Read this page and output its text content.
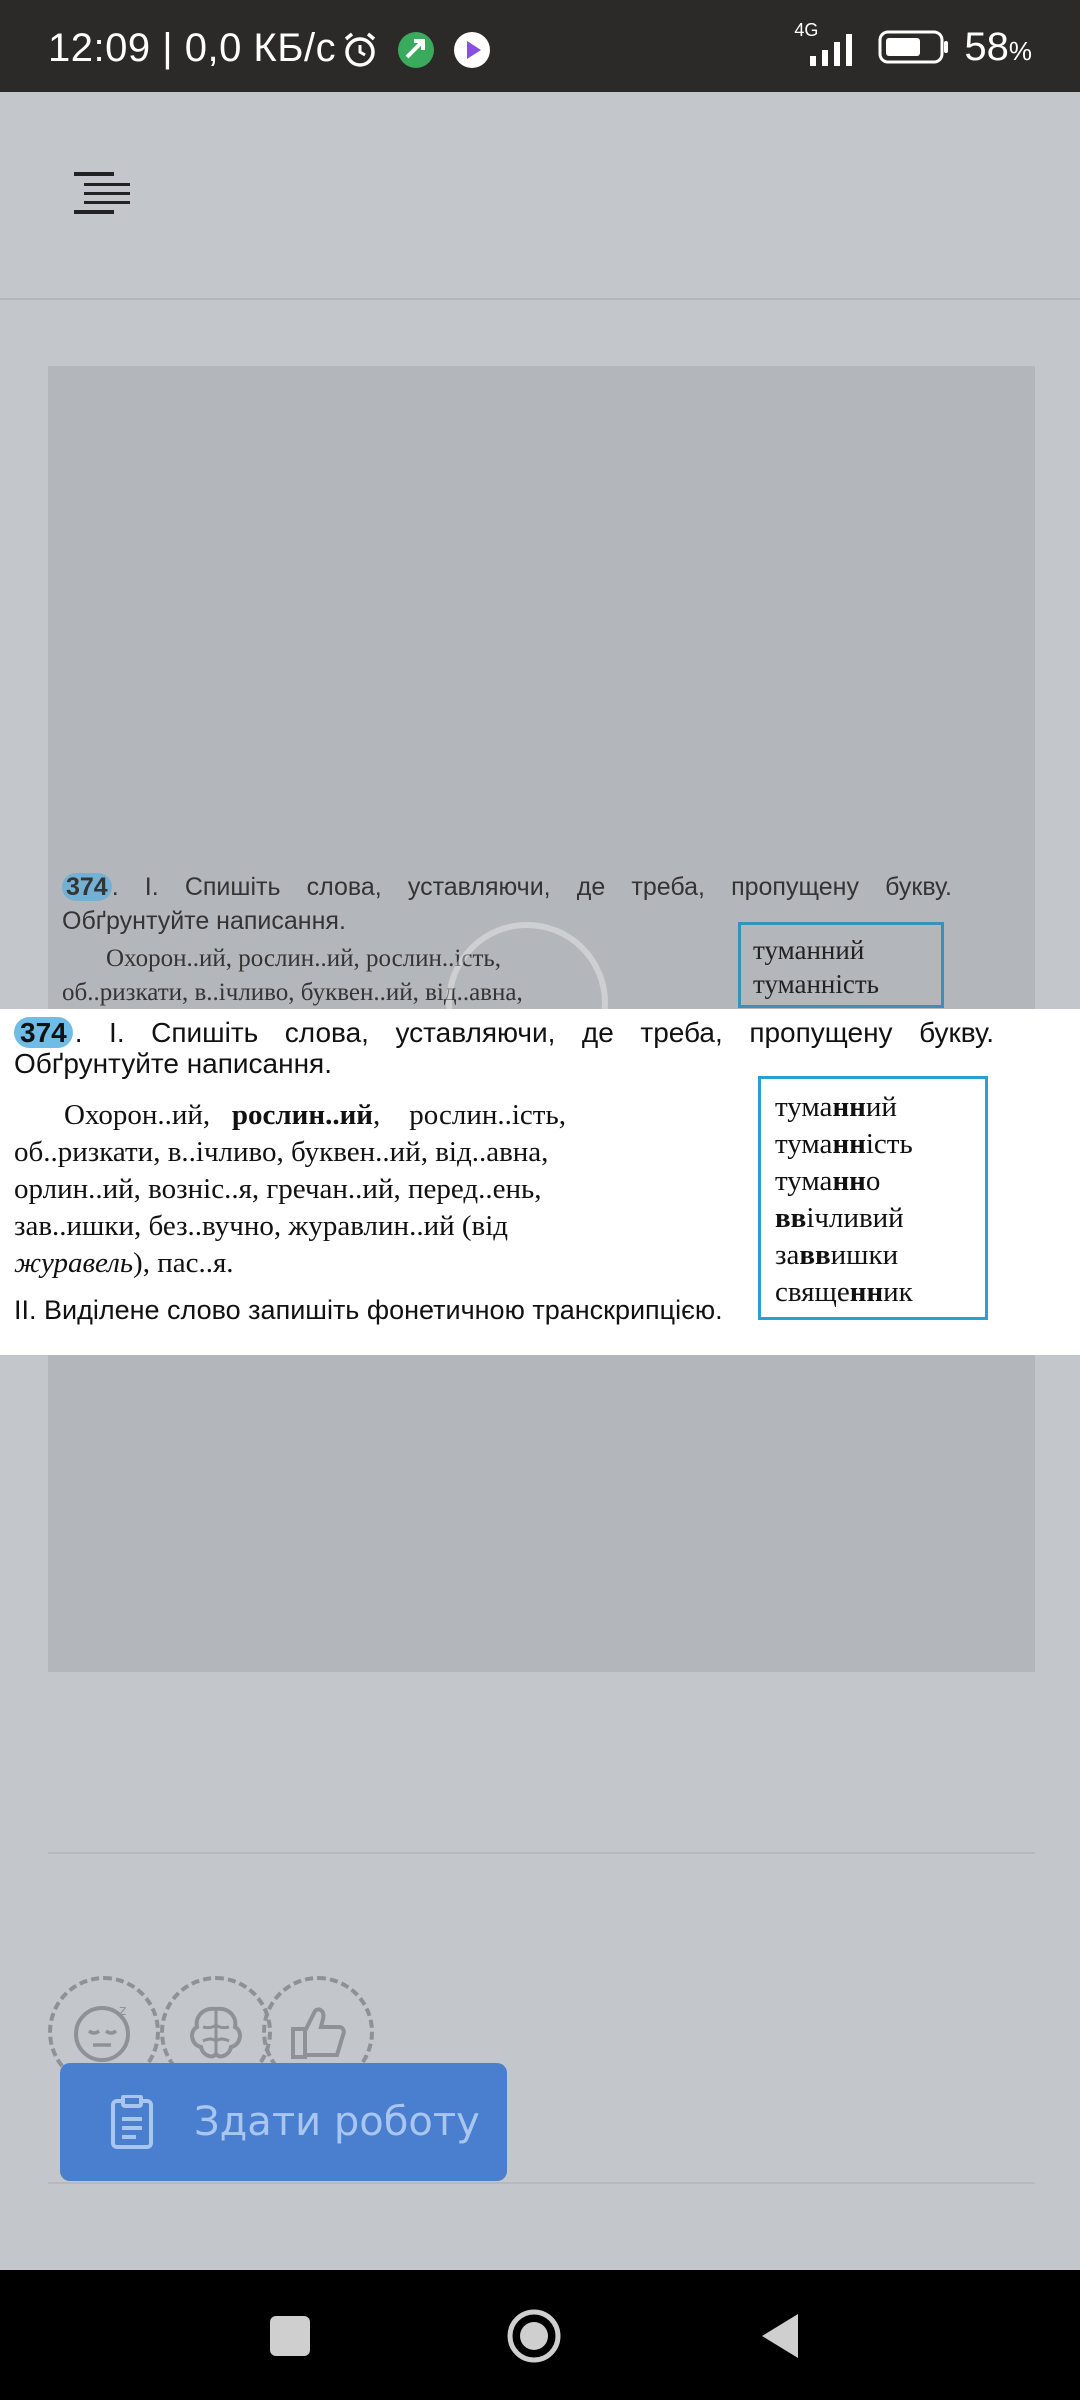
12:09 | 0,0 КБ/с	4G	58%
374 . І. Спишіть слова, уставляючи, де треба, пропущену букву. Обґрунтуйте написання.
Охорон..ий, рослин..ий, рослин..ість,
об..ризкати, в..ічливо, буквен..ий, від..авна,
туманний
туманність
374 . І. Спишіть слова, уставляючи, де треба, пропущену букву. Обґрунтуйте написання.

Охорон..ий, рослин..ий, рослин..ість,

об..ризкати, в..ічливо, буквен..ий, від..авна,

орлин..ий, возніс..я, гречан..ий, перед..ень,

зав..ишки, без..вучно, журавлин..ий (від

журавель), пас..я.

ІІ. Виділене слово запишіть фонетичною транскрипцією.
туманний
туманність
туманно
ввічливий
заввишки
священник
z
Здати роботу
